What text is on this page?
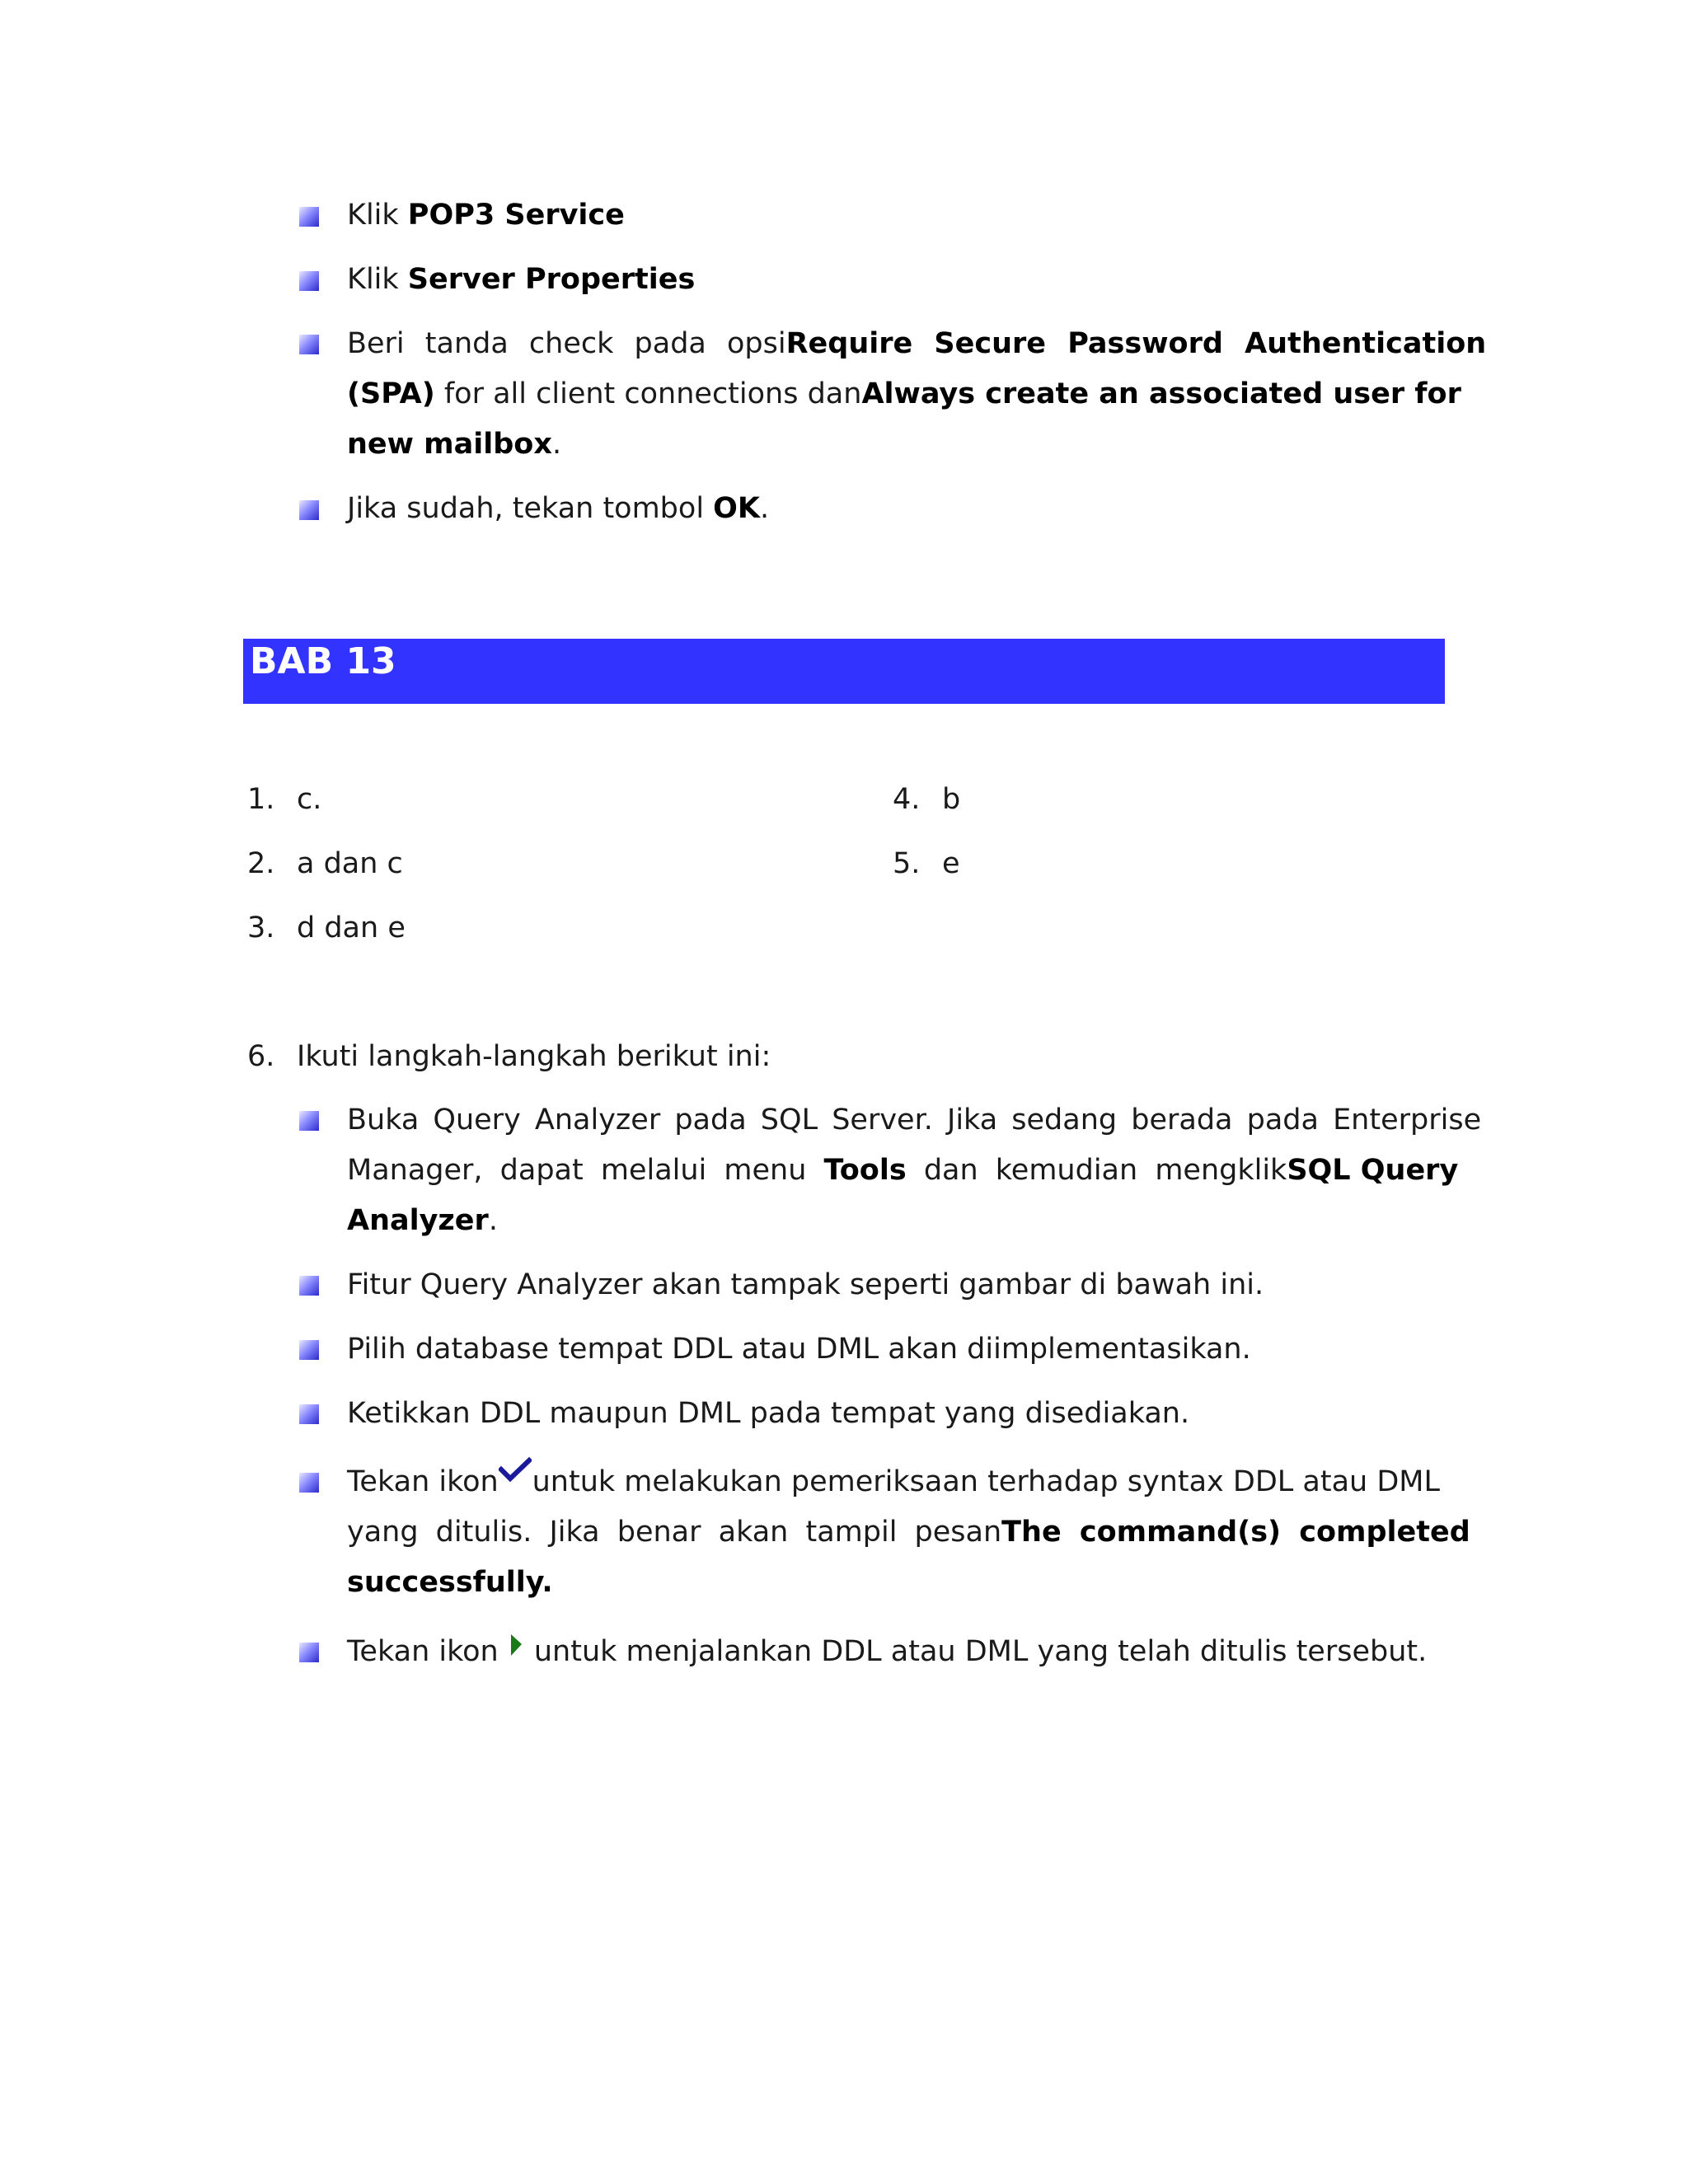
Klik POP3 Service
Klik Server Properties
Beri tanda check pada opsi Require Secure Password Authentication
(SPA) for all client connections dan Always create an associated user for
new mailbox.
Jika sudah, tekan tombol OK.
BAB 13
1. c.
2. a dan c
3. d dan e
4. b
5. e
6. Ikuti langkah-langkah berikut ini:
Buka Query Analyzer pada SQL Server. Jika sedang berada pada Enterprise
Manager, dapat melalui menu Tools dan kemudian mengklik SQL Query
Analyzer.
Fitur Query Analyzer akan tampak seperti gambar di bawah ini.
Pilih database tempat DDL atau DML akan diimplementasikan.
Ketikkan DDL maupun DML pada tempat yang disediakan.
Tekan ikon untuk melakukan pemeriksaan terhadap syntax DDL atau DML
yang ditulis. Jika benar akan tampil pesan The command(s) completed
successfully.
Tekan ikon untuk menjalankan DDL atau DML yang telah ditulis tersebut.
